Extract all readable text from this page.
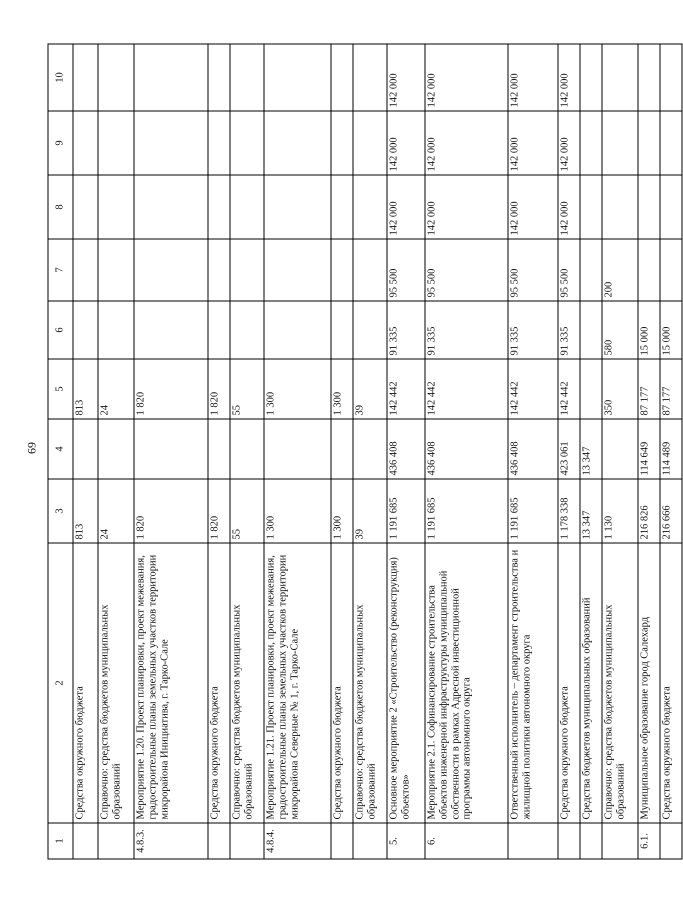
69
1	2	3	4	5	6	7	8	9	10
	Средства окружного бюджета	813		813					
	Справочно: средства бюджетов муниципальных образований	24		24					
4.8.3.	Мероприятие 1.20. Проект планировки, проект межевания, градостроительные планы земельных участков территории микрорайона Инициатива, г. Тарко-Сале	1 820		1 820					
	Средства окружного бюджета	1 820		1 820					
	Справочно: средства бюджетов муниципальных образований	55		55					
4.8.4.	Мероприятие 1.21. Проект планировки, проект межевания, градостроительные планы земельных участков территории микрорайона Северные № 1, г. Тарко-Сале	1 300		1 300					
	Средства окружного бюджета	1 300		1 300					
	Справочно: средства бюджетов муниципальных образований	39		39					
5.	Основное мероприятие 2 «Строительство (реконструкция) объектов»	1 191 685	436 408	142 442	91 335	95 500	142 000	142 000	142 000
6.	Мероприятие 2.1. Софинансирование строительства объектов инженерной инфраструктуры муниципальной собственности в рамках Адресной инвестиционной программы автономного округа	1 191 685	436 408	142 442	91 335	95 500	142 000	142 000	142 000
	Ответственный исполнитель – департамент строительства и жилищной политики автономного округа	1 191 685	436 408	142 442	91 335	95 500	142 000	142 000	142 000
	Средства окружного бюджета	1 178 338	423 061	142 442	91 335	95 500	142 000	142 000	142 000
	Средства бюджетов муниципальных образований	13 347	13 347						
	Справочно: средства бюджетов муниципальных образований	1 130		350	580	200			
6.1.	Муниципальное образование город Салехард	216 826	114 649	87 177	15 000				
	Средства окружного бюджета	216 666	114 489	87 177	15 000				
